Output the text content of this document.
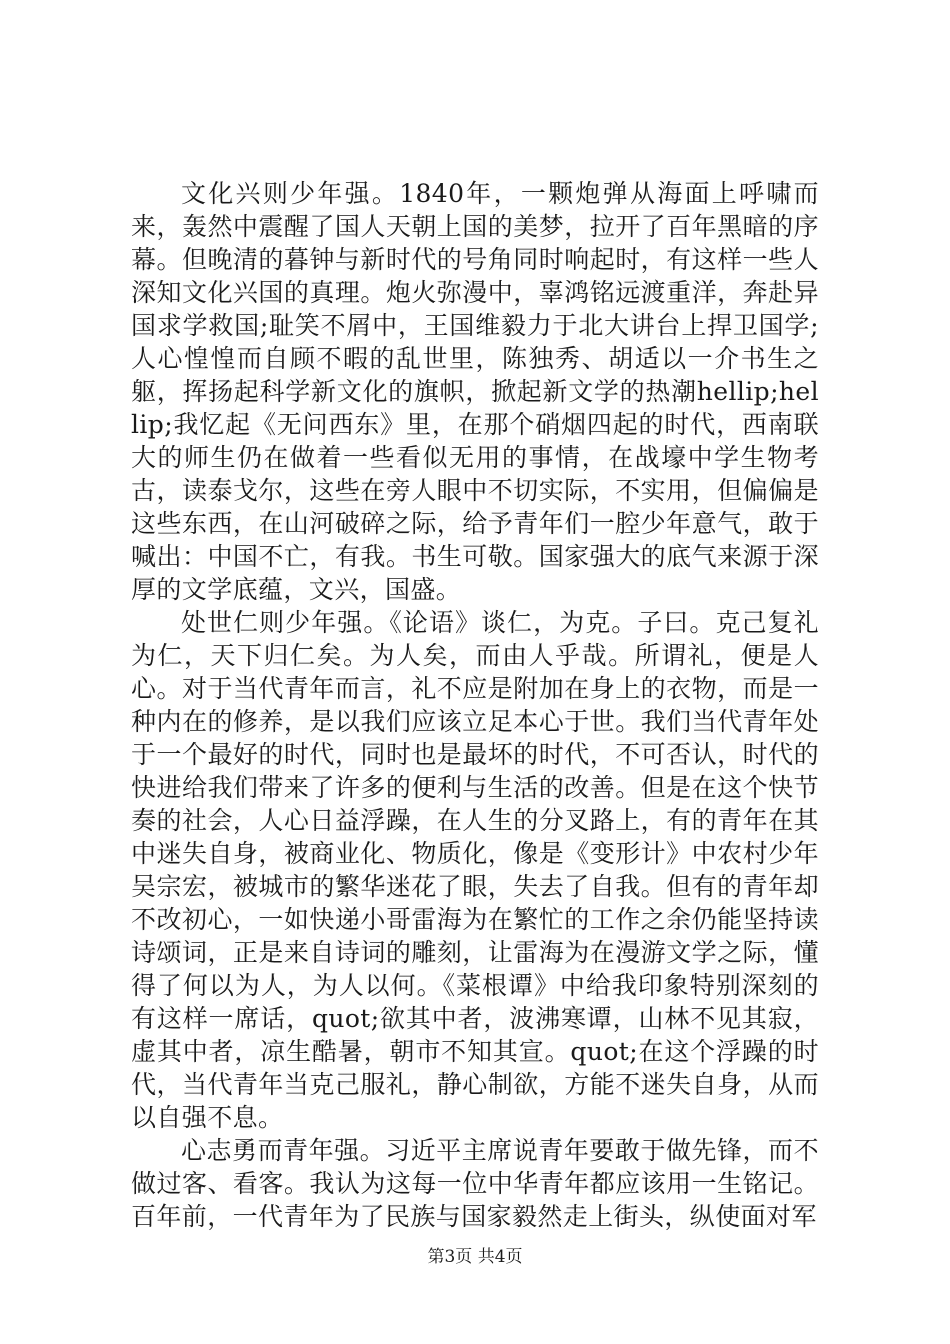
文化兴则少年强。1840年，一颗炮弹从海面上呼啸而来，轰然中震醒了国人天朝上国的美梦，拉开了百年黑暗的序幕。但晚清的暮钟与新时代的号角同时响起时，有这样一些人深知文化兴国的真理。炮火弥漫中，辜鸿铭远渡重洋，奔赴异国求学救国;耻笑不屑中，王国维毅力于北大讲台上捍卫国学;人心惶惶而自顾不暇的乱世里，陈独秀、胡适以一介书生之躯，挥扬起科学新文化的旗帜，掀起新文学的热潮hellip;hellip;我忆起《无问西东》里，在那个硝烟四起的时代，西南联大的师生仍在做着一些看似无用的事情，在战壕中学生物考古，读泰戈尔，这些在旁人眼中不切实际，不实用，但偏偏是这些东西，在山河破碎之际，给予青年们一腔少年意气，敢于喊出：中国不亡，有我。书生可敬。国家强大的底气来源于深厚的文学底蕴，文兴，国盛。

处世仁则少年强。《论语》谈仁，为克。子曰。克己复礼为仁，天下归仁矣。为人矣，而由人乎哉。所谓礼，便是人心。对于当代青年而言，礼不应是附加在身上的衣物，而是一种内在的修养，是以我们应该立足本心于世。我们当代青年处于一个最好的时代，同时也是最坏的时代，不可否认，时代的快进给我们带来了许多的便利与生活的改善。但是在这个快节奏的社会，人心日益浮躁，在人生的分叉路上，有的青年在其中迷失自身，被商业化、物质化，像是《变形计》中农村少年吴宗宏，被城市的繁华迷花了眼，失去了自我。但有的青年却不改初心，一如快递小哥雷海为在繁忙的工作之余仍能坚持读诗颂词，正是来自诗词的雕刻，让雷海为在漫游文学之际，懂得了何以为人，为人以何。《菜根谭》中给我印象特别深刻的有这样一席话，quot;欲其中者，波沸寒谭，山林不见其寂，虚其中者，凉生酷暑，朝市不知其宣。quot;在这个浮躁的时代，当代青年当克己服礼，静心制欲，方能不迷失自身，从而以自强不息。

心志勇而青年强。习近平主席说青年要敢于做先锋，而不做过客、看客。我认为这每一位中华青年都应该用一生铭记。百年前，一代青年为了民族与国家毅然走上街头，纵使面对军

第3页 共4页
